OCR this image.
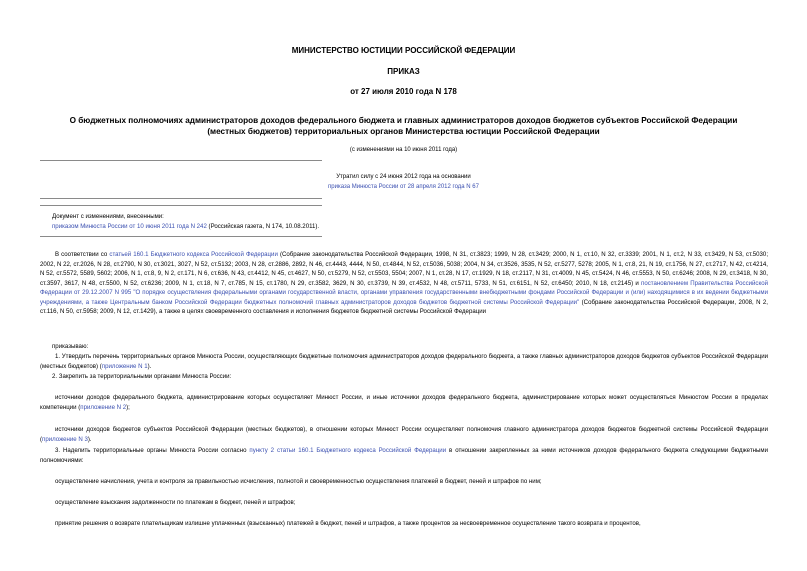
МИНИСТЕРСТВО ЮСТИЦИИ РОССИЙСКОЙ ФЕДЕРАЦИИ
ПРИКАЗ
от 27 июля 2010 года N 178
О бюджетных полномочиях администраторов доходов федерального бюджета и главных администраторов доходов бюджетов субъектов Российской Федерации
(местных бюджетов) территориальных органов Министерства юстиции Российской Федерации
(с изменениями на 10 июня 2011 года)
Утратил силу с 24 июня 2012 года на основании
приказа Минюста России от 28 апреля 2012 года N 67
Документ с изменениями, внесенными:
приказом Минюста России от 10 июня 2011 года N 242 (Российская газета, N 174, 10.08.2011).
В соответствии со статьей 160.1 Бюджетного кодекса Российской Федерации (Собрание законодательства Российской Федерации, 1998, N 31, ст.3823; 1999, N 28, ст.3429; 2000, N 1, ст.10, N 32, ст.3339; 2001, N 1, ст.2, N 33, ст.3429, N 53, ст.5030; 2002, N 22, ст.2026, N 28, ст.2790, N 30, ст.3021, 3027, N 52, ст.5132; 2003, N 28, ст.2886, 2892, N 46, ст.4443, 4444, N 50, ст.4844, N 52, ст.5036, 5038; 2004, N 34, ст.3526, 3535, N 52, ст.5277, 5278; 2005, N 1, ст.8, 21, N 19, ст.1756, N 27, ст.2717, N 42, ст.4214, N 52, ст.5572, 5589, 5602; 2006, N 1, ст.8, 9, N 2, ст.171, N 6, ст.636, N 43, ст.4412, N 45, ст.4627, N 50, ст.5279, N 52, ст.5503, 5504; 2007, N 1, ст.28, N 17, ст.1929, N 18, ст.2117, N 31, ст.4009, N 45, ст.5424, N 46, ст.5553, N 50, ст.6246; 2008, N 29, ст.3418, N 30, ст.3597, 3617, N 48, ст.5500, N 52, ст.6236; 2009, N 1, ст.18, N 7, ст.785, N 15, ст.1780, N 29, ст.3582, 3629, N 30, ст.3739, N 39, ст.4532, N 48, ст.5711, 5733, N 51, ст.6151, N 52, ст.6450; 2010, N 18, ст.2145) и постановлением Правительства Российской Федерации от 29.12.2007 N 995 "О порядке осуществления федеральными органами государственной власти, органами управления государственными внебюджетными фондами Российской Федерации и (или) находящимися в их ведении бюджетными учреждениями, а также Центральным банком Российской Федерации бюджетных полномочий главных администраторов доходов бюджетов бюджетной системы Российской Федерации" (Собрание законодательства Российской Федерации, 2008, N 2, ст.116, N 50, ст.5958; 2009, N 12, ст.1429), а также в целях своевременного составления и исполнения бюджетов бюджетной системы Российской Федерации
приказываю:
1. Утвердить перечень территориальных органов Минюста России, осуществляющих бюджетные полномочия администраторов доходов федерального бюджета, а также главных администраторов доходов бюджетов субъектов Российской Федерации (местных бюджетов) (приложение N 1).
2. Закрепить за территориальными органами Минюста России:
источники доходов федерального бюджета, администрирование которых осуществляет Минюст России, и иные источники доходов федерального бюджета, администрирование которых может осуществляться Минюстом России в пределах компетенции (приложение N 2);
источники доходов бюджетов субъектов Российской Федерации (местных бюджетов), в отношении которых Минюст России осуществляет полномочия главного администратора доходов бюджетов бюджетной системы Российской Федерации (приложение N 3).
3. Наделить территориальные органы Минюста России согласно пункту 2 статьи 160.1 Бюджетного кодекса Российской Федерации в отношении закрепленных за ними источников доходов федерального бюджета следующими бюджетными полномочиями:
осуществление начисления, учета и контроля за правильностью исчисления, полнотой и своевременностью осуществления платежей в бюджет, пеней и штрафов по ним;
осуществление взыскания задолженности по платежам в бюджет, пеней и штрафов;
принятие решения о возврате плательщикам излишне уплаченных (взысканных) платежей в бюджет, пеней и штрафов, а также процентов за несвоевременное осуществление такого возврата и процентов,
